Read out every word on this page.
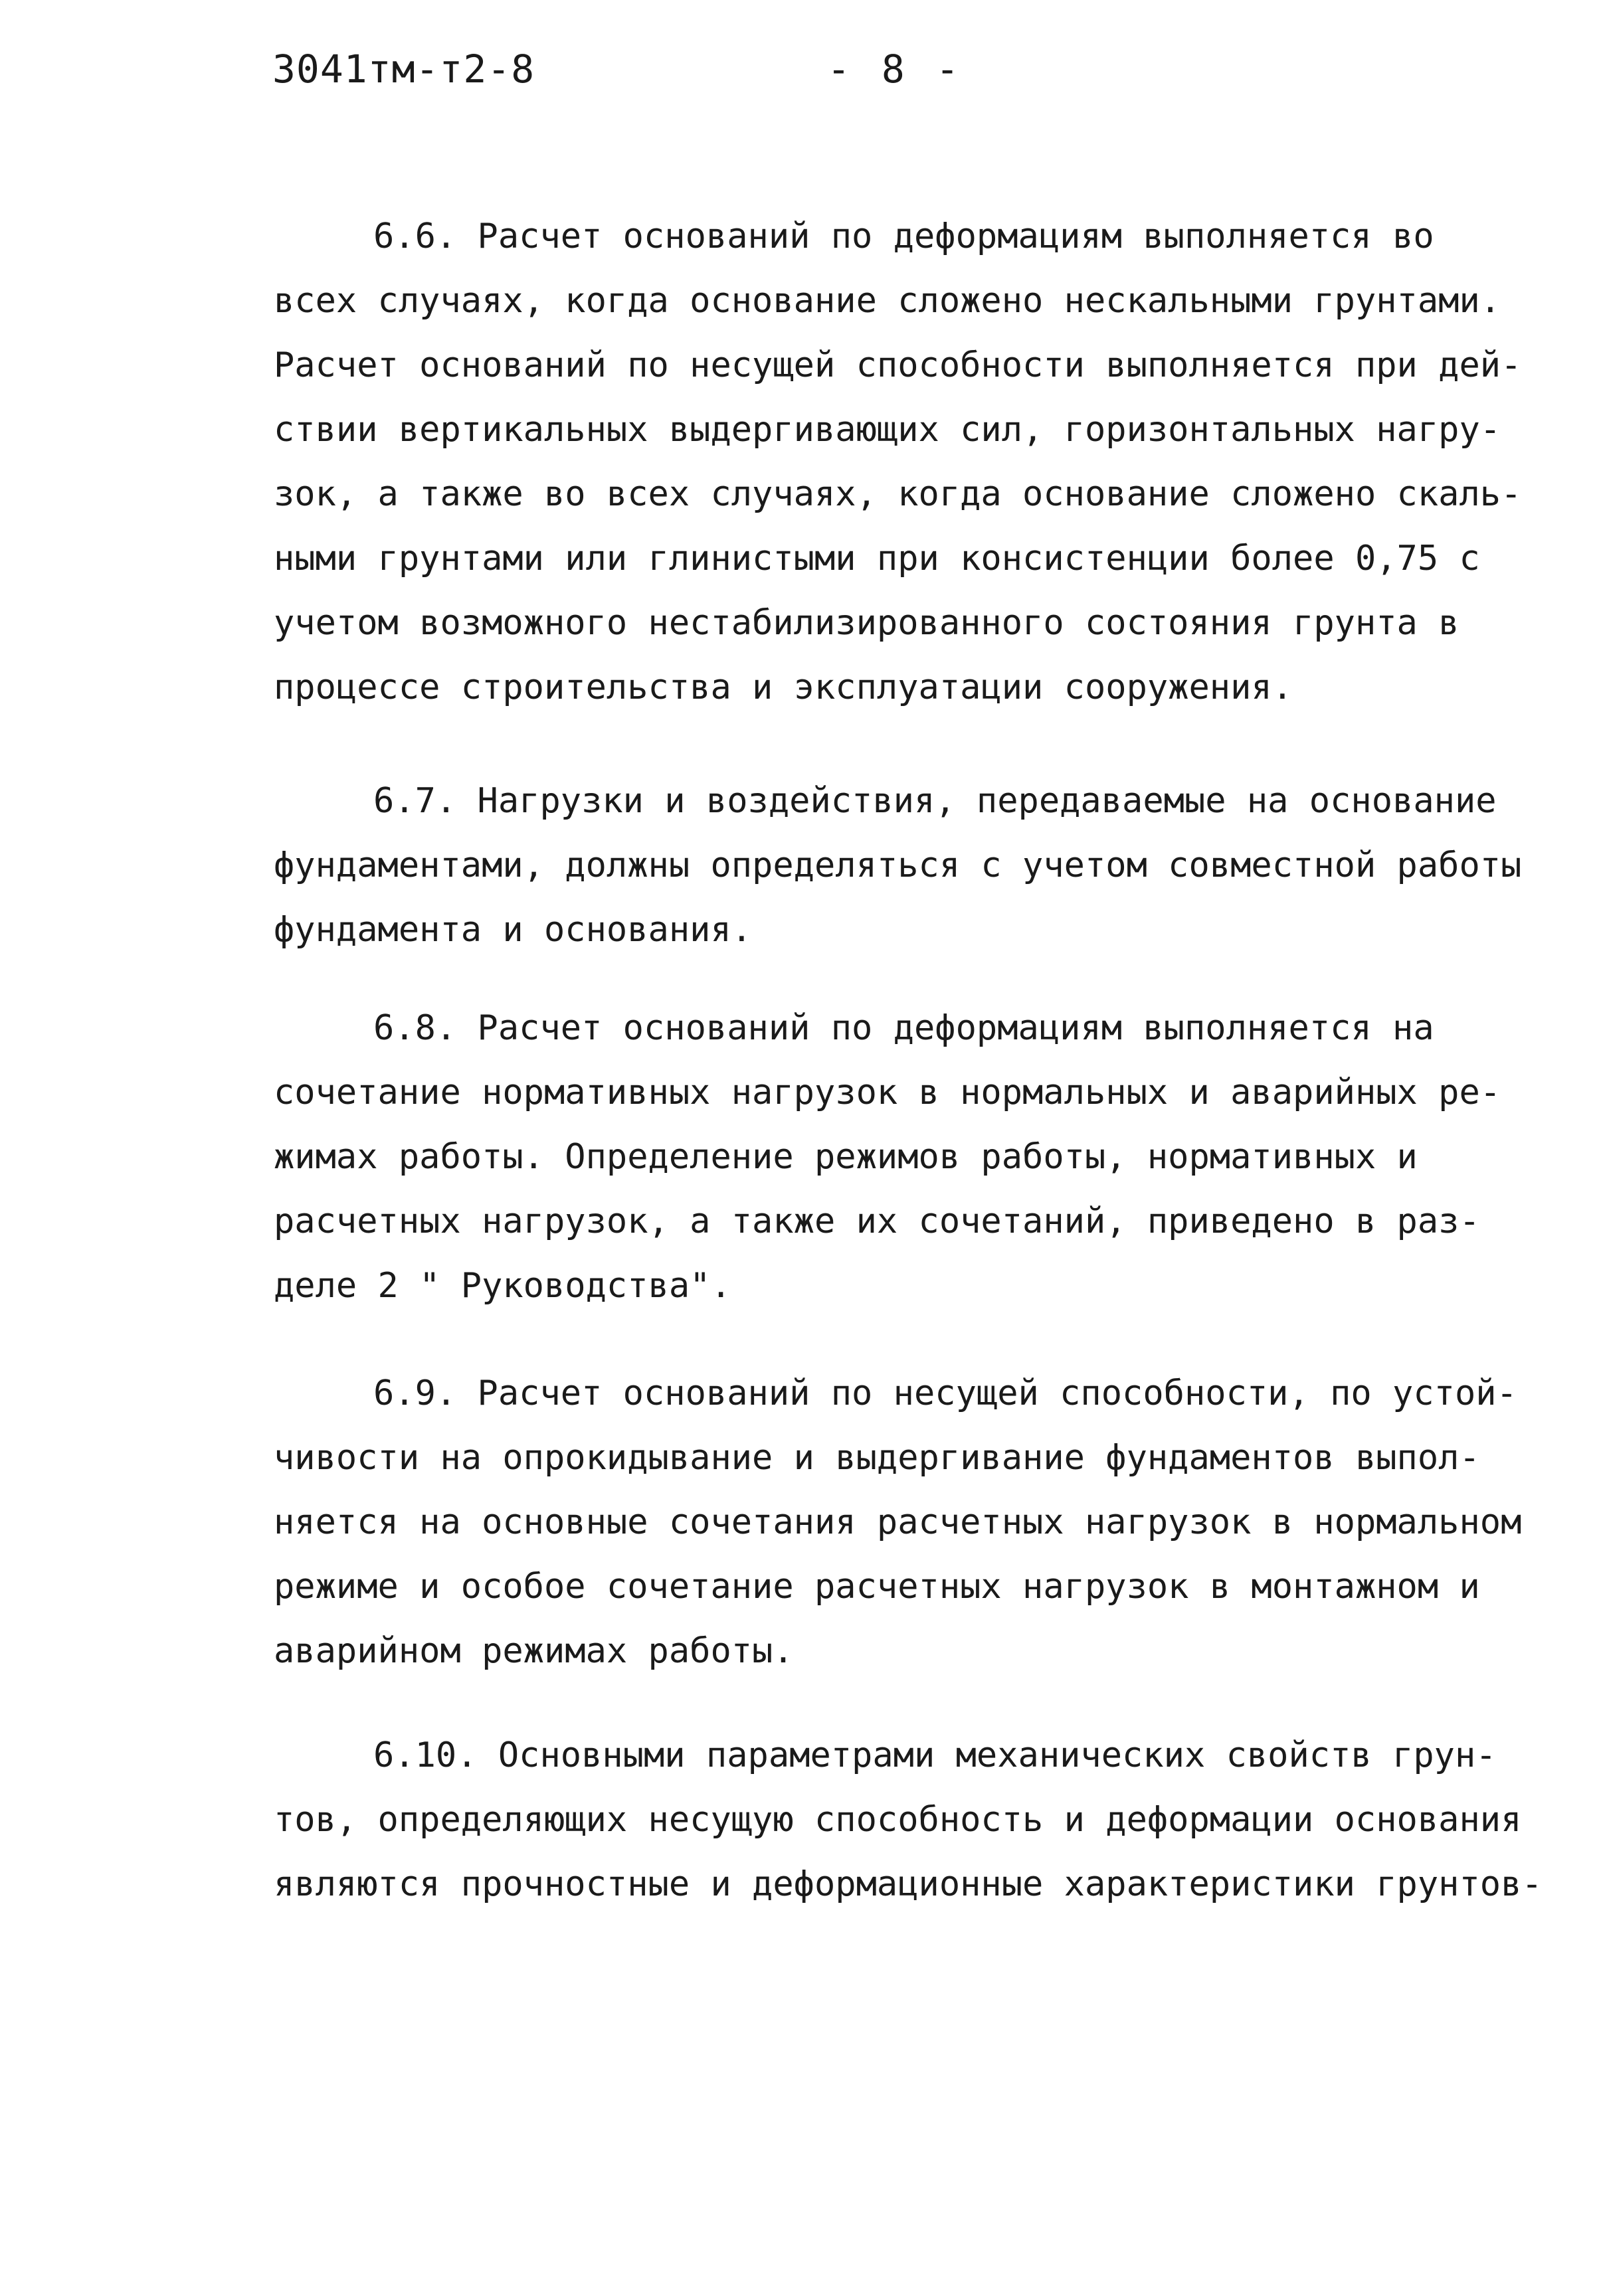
3041тм-т2-8	- 8 -
6.6. Расчет оснований по деформациям выполняется во
всех случаях, когда основание сложено нескальными грунтами.
Расчет оснований по несущей способности выполняется при дей-
ствии вертикальных выдергивающих сил, горизонтальных нагру-
зок, а также во всех случаях, когда основание сложено скаль-
ными грунтами или глинистыми при консистенции более 0,75 с
учетом возможного нестабилизированного состояния грунта в
процессе строительства и эксплуатации сооружения.
6.7. Нагрузки и воздействия, передаваемые на основание
фундаментами, должны определяться с учетом совместной работы
фундамента и основания.
6.8. Расчет оснований по деформациям выполняется на
сочетание нормативных нагрузок в нормальных и аварийных ре-
жимах работы. Определение режимов работы, нормативных и
расчетных нагрузок, а также их сочетаний, приведено в раз-
деле 2 " Руководства".
6.9. Расчет оснований по несущей способности, по устой-
чивости на опрокидывание и выдергивание фундаментов выпол-
няется на основные сочетания расчетных нагрузок в нормальном
режиме и особое сочетание расчетных нагрузок в монтажном и
аварийном режимах работы.
6.10. Основными параметрами механических свойств грун-
тов, определяющих несущую способность и деформации основания
являются прочностные и деформационные характеристики грунтов-
